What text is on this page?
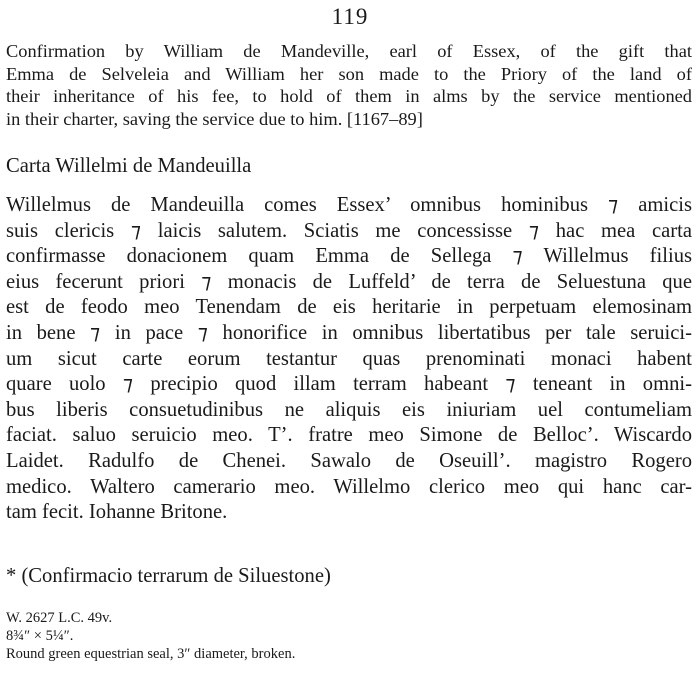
119

Confirmation by William de Mandeville, earl of Essex, of the gift that
Emma de Selveleia and William her son made to the Priory of the land of
their inheritance of his fee, to hold of them in alms by the service mentioned
in their charter, saving the service due to him. [1167–89]

Carta Willelmi de Mandeuilla

Willelmus de Mandeuilla comes Essex’ omnibus hominibus ⁊ amicis
suis clericis ⁊ laicis salutem. Sciatis me concessisse ⁊ hac mea carta
confirmasse donacionem quam Emma de Sellega ⁊ Willelmus filius
eius fecerunt priori ⁊ monacis de Luffeld’ de terra de Seluestuna que
est de feodo meo Tenendam de eis heritarie in perpetuam elemosinam
in bene ⁊ in pace ⁊ honorifice in omnibus libertatibus per tale seruici-
um sicut carte eorum testantur quas prenominati monaci habent
quare uolo ⁊ precipio quod illam terram habeant ⁊ teneant in omni-
bus liberis consuetudinibus ne aliquis eis iniuriam uel contumeliam
faciat. saluo seruicio meo. T’. fratre meo Simone de Belloc’. Wiscardo
Laidet. Radulfo de Chenei. Sawalo de Oseuill’. magistro Rogero
medico. Waltero camerario meo. Willelmo clerico meo qui hanc car-
tam fecit. Iohanne Britone.

* (Confirmacio terrarum de Siluestone)

W. 2627 L.C. 49v.
8¾″ × 5¼″.
Round green equestrian seal, 3″ diameter, broken.
